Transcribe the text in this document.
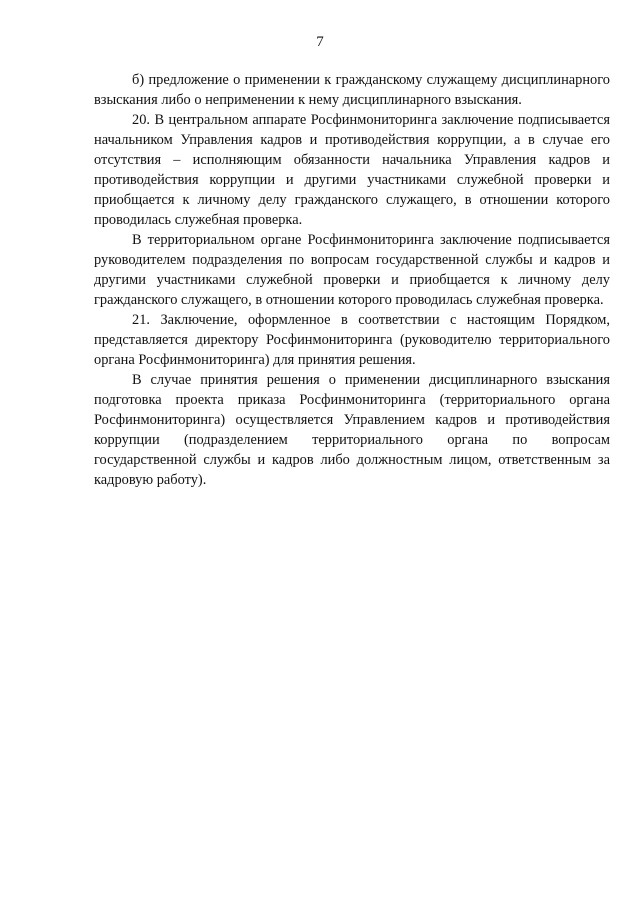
7

б) предложение о применении к гражданскому служащему дисциплинарного взыскания либо о неприменении к нему дисциплинарного взыскания.

20. В центральном аппарате Росфинмониторинга заключение подписывается начальником Управления кадров и противодействия коррупции, а в случае его отсутствия – исполняющим обязанности начальника Управления кадров и противодействия коррупции и другими участниками служебной проверки и приобщается к личному делу гражданского служащего, в отношении которого проводилась служебная проверка.

В территориальном органе Росфинмониторинга заключение подписывается руководителем подразделения по вопросам государственной службы и кадров и другими участниками служебной проверки и приобщается к личному делу гражданского служащего, в отношении которого проводилась служебная проверка.

21. Заключение, оформленное в соответствии с настоящим Порядком, представляется директору Росфинмониторинга (руководителю территориального органа Росфинмониторинга) для принятия решения.

В случае принятия решения о применении дисциплинарного взыскания подготовка проекта приказа Росфинмониторинга (территориального органа Росфинмониторинга) осуществляется Управлением кадров и противодействия коррупции (подразделением территориального органа по вопросам государственной службы и кадров либо должностным лицом, ответственным за кадровую работу).
